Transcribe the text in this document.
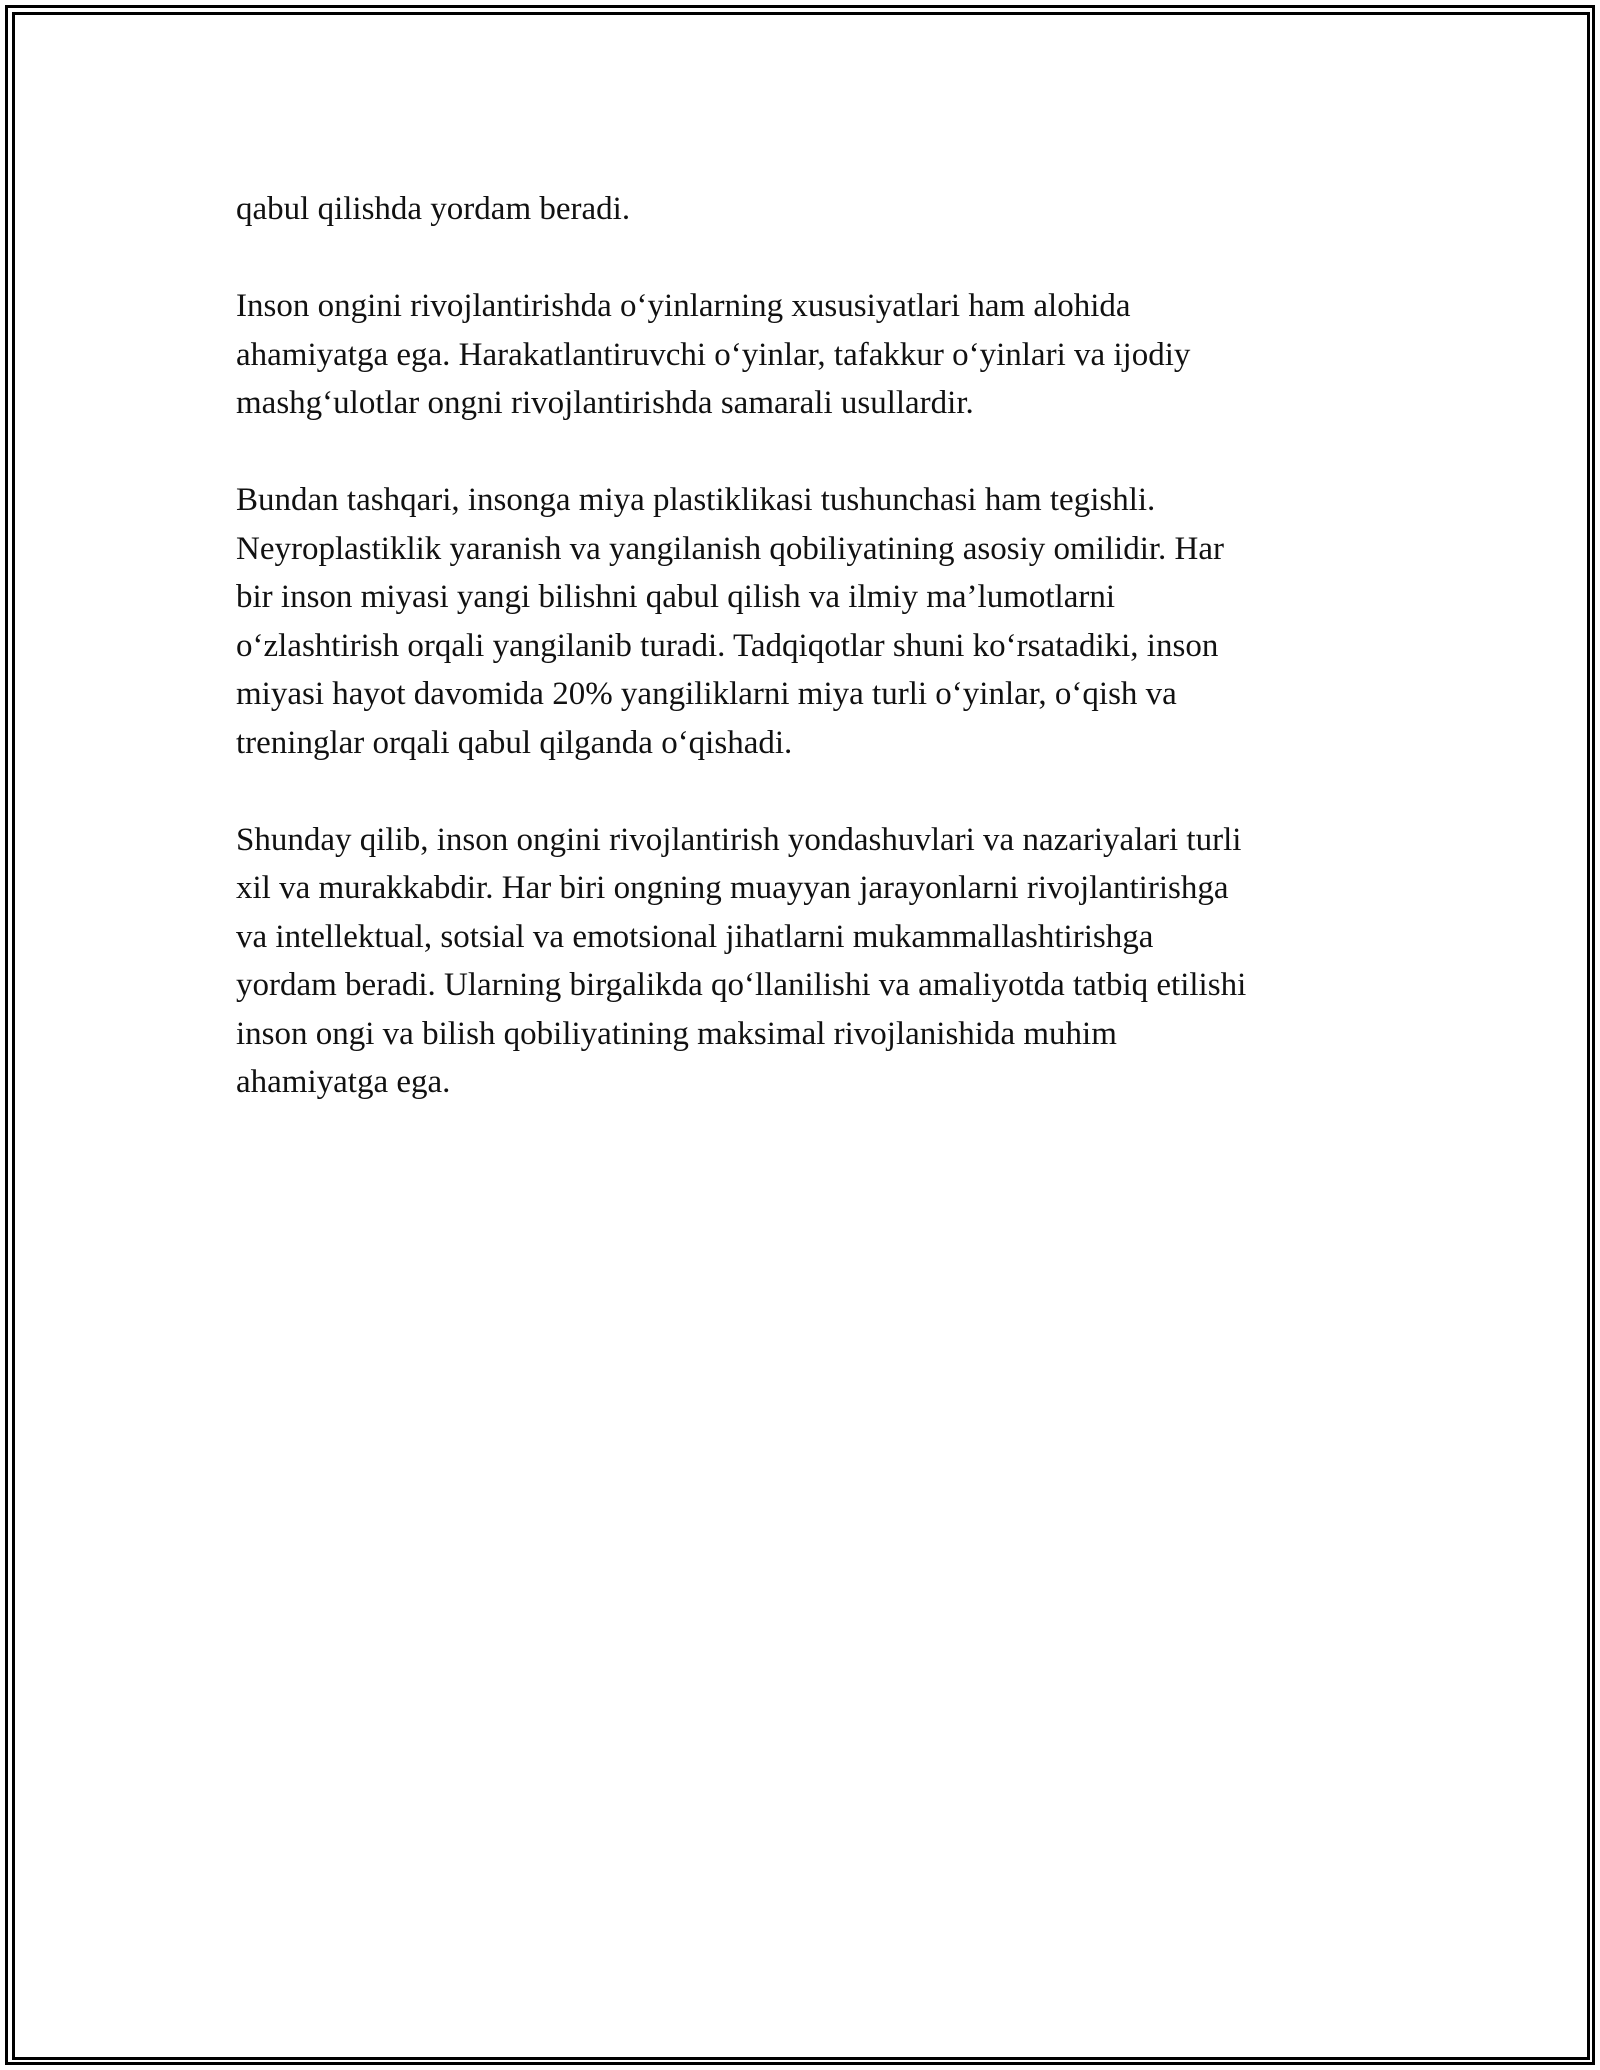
qabul qilishda yordam beradi.

Inson ongini rivojlantirishda o‘yinlarning xususiyatlari ham alohida
ahamiyatga ega. Harakatlantiruvchi o‘yinlar, tafakkur o‘yinlari va ijodiy
mashg‘ulotlar ongni rivojlantirishda samarali usullardir.

Bundan tashqari, insonga miya plastiklikasi tushunchasi ham tegishli.
Neyroplastiklik yaranish va yangilanish qobiliyatining asosiy omilidir. Har
bir inson miyasi yangi bilishni qabul qilish va ilmiy ma’lumotlarni
o‘zlashtirish orqali yangilanib turadi. Tadqiqotlar shuni ko‘rsatadiki, inson
miyasi hayot davomida 20% yangiliklarni miya turli o‘yinlar, o‘qish va
treninglar orqali qabul qilganda o‘qishadi.

Shunday qilib, inson ongini rivojlantirish yondashuvlari va nazariyalari turli
xil va murakkabdir. Har biri ongning muayyan jarayonlarni rivojlantirishga
va intellektual, sotsial va emotsional jihatlarni mukammallashtirishga
yordam beradi. Ularning birgalikda qo‘llanilishi va amaliyotda tatbiq etilishi
inson ongi va bilish qobiliyatining maksimal rivojlanishida muhim
ahamiyatga ega.
